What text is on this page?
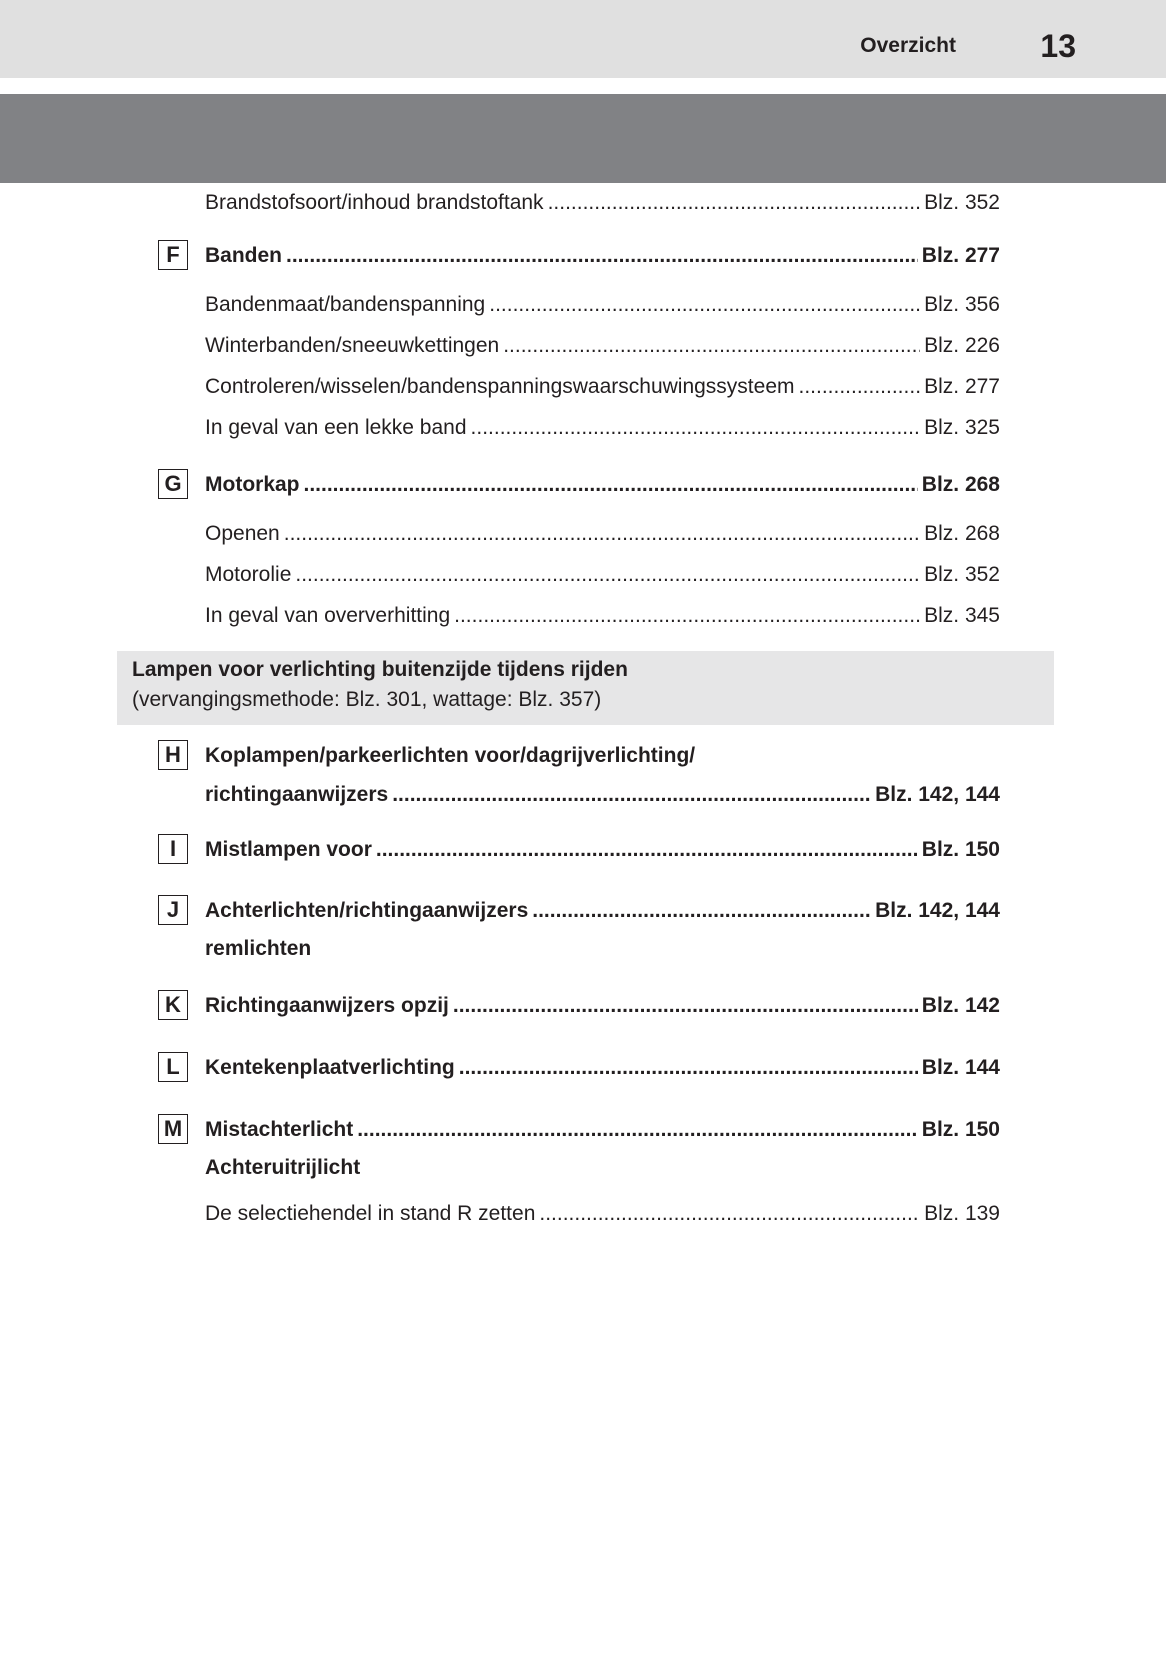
Overzicht	13
Brandstofsoort/inhoud brandstoftank .....	Blz. 352
F	Banden .....	Blz. 277
Bandenmaat/bandenspanning .....	Blz. 356
Winterbanden/sneeuwkettingen .....	Blz. 226
Controleren/wisselen/bandenspanningswaarschuwingssysteem .....	Blz. 277
In geval van een lekke band .....	Blz. 325
G	Motorkap .....	Blz. 268
Openen .....	Blz. 268
Motorolie .....	Blz. 352
In geval van oververhitting .....	Blz. 345
Lampen voor verlichting buitenzijde tijdens rijden
(vervangingsmethode: Blz. 301, wattage: Blz. 357)
H	Koplampen/parkeerlichten voor/dagrijverlichting/
richtingaanwijzers .....	Blz. 142, 144
I	Mistlampen voor .....	Blz. 150
J	Achterlichten/richtingaanwijzers .....	Blz. 142, 144
remlichten
K	Richtingaanwijzers opzij .....	Blz. 142
L	Kentekenplaatverlichting .....	Blz. 144
M Mistachterlicht .....	Blz. 150
Achteruitrijlicht
De selectiehendel in stand R zetten .....	Blz. 139
